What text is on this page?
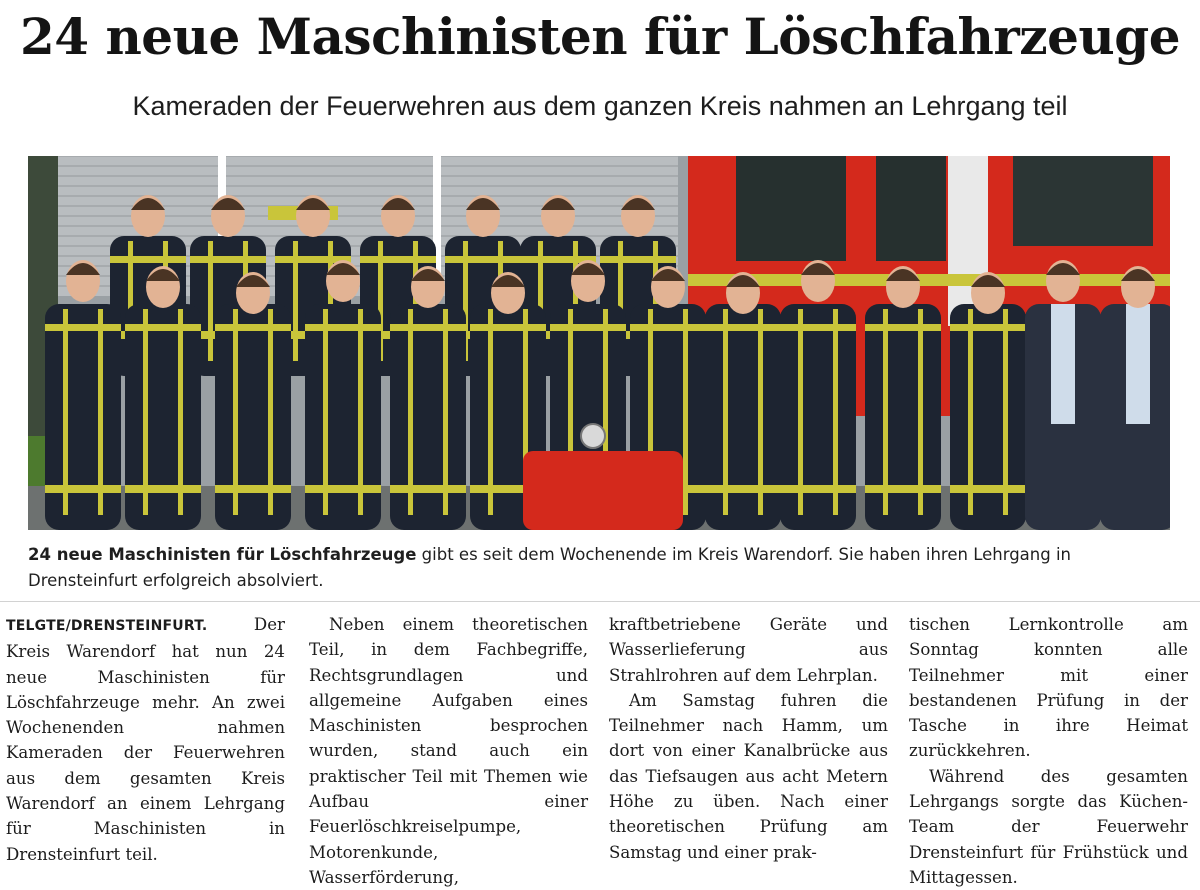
24 neue Maschinisten für Löschfahrzeuge
Kameraden der Feuerwehren aus dem ganzen Kreis nahmen an Lehrgang teil
24 neue Maschinisten für Löschfahrzeuge gibt es seit dem Wochenende im Kreis Warendorf. Sie haben ihren Lehrgang in Drensteinfurt erfolgreich absolviert.

TELGTE/DRENSTEINFURT. Der Kreis Warendorf hat nun 24 neue Maschinisten für Löschfahrzeuge mehr. An zwei Wochenenden nahmen Kameraden der Feuerwehren aus dem gesamten Kreis Warendorf an einem Lehrgang für Maschinisten in Drensteinfurt teil.

Neben einem theoretischen Teil, in dem Fachbegriffe, Rechtsgrundlagen und allgemeine Aufgaben eines Maschinisten besprochen wurden, stand auch ein praktischer Teil mit Themen wie Aufbau einer Feuerlöschkreiselpumpe, Motorenkunde, Wasserförderung,

kraftbetriebene Geräte und Wasserlieferung aus Strahlrohren auf dem Lehrplan.

Am Samstag fuhren die Teilnehmer nach Hamm, um dort von einer Kanalbrücke aus das Tiefsaugen aus acht Metern Höhe zu üben. Nach einer theoretischen Prüfung am Samstag und einer prak-

tischen Lernkontrolle am Sonntag konnten alle Teilnehmer mit einer bestandenen Prüfung in der Tasche in ihre Heimat zurückkehren.

Während des gesamten Lehrgangs sorgte das Küchen-Team der Feuerwehr Drensteinfurt für Frühstück und Mittagessen.
